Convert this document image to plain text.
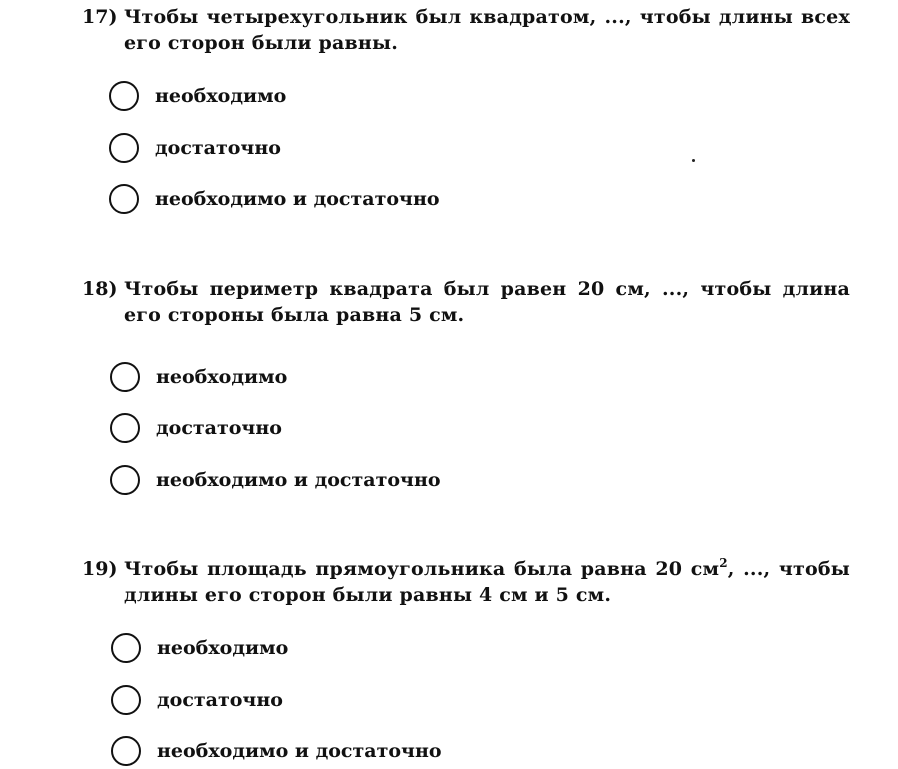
17) Чтобы четырехугольник был квадратом, ..., чтобы длины всех
его сторон были равны.
необходимо
достаточно
необходимо и достаточно
18) Чтобы периметр квадрата был равен 20 см, ..., чтобы длина
его стороны была равна 5 см.
необходимо
достаточно
необходимо и достаточно
19) Чтобы площадь прямоугольника была равна 20 $см^2$, ..., чтобы
длины его сторон были равны 4 см и 5 см.
необходимо
достаточно
необходимо и достаточно
